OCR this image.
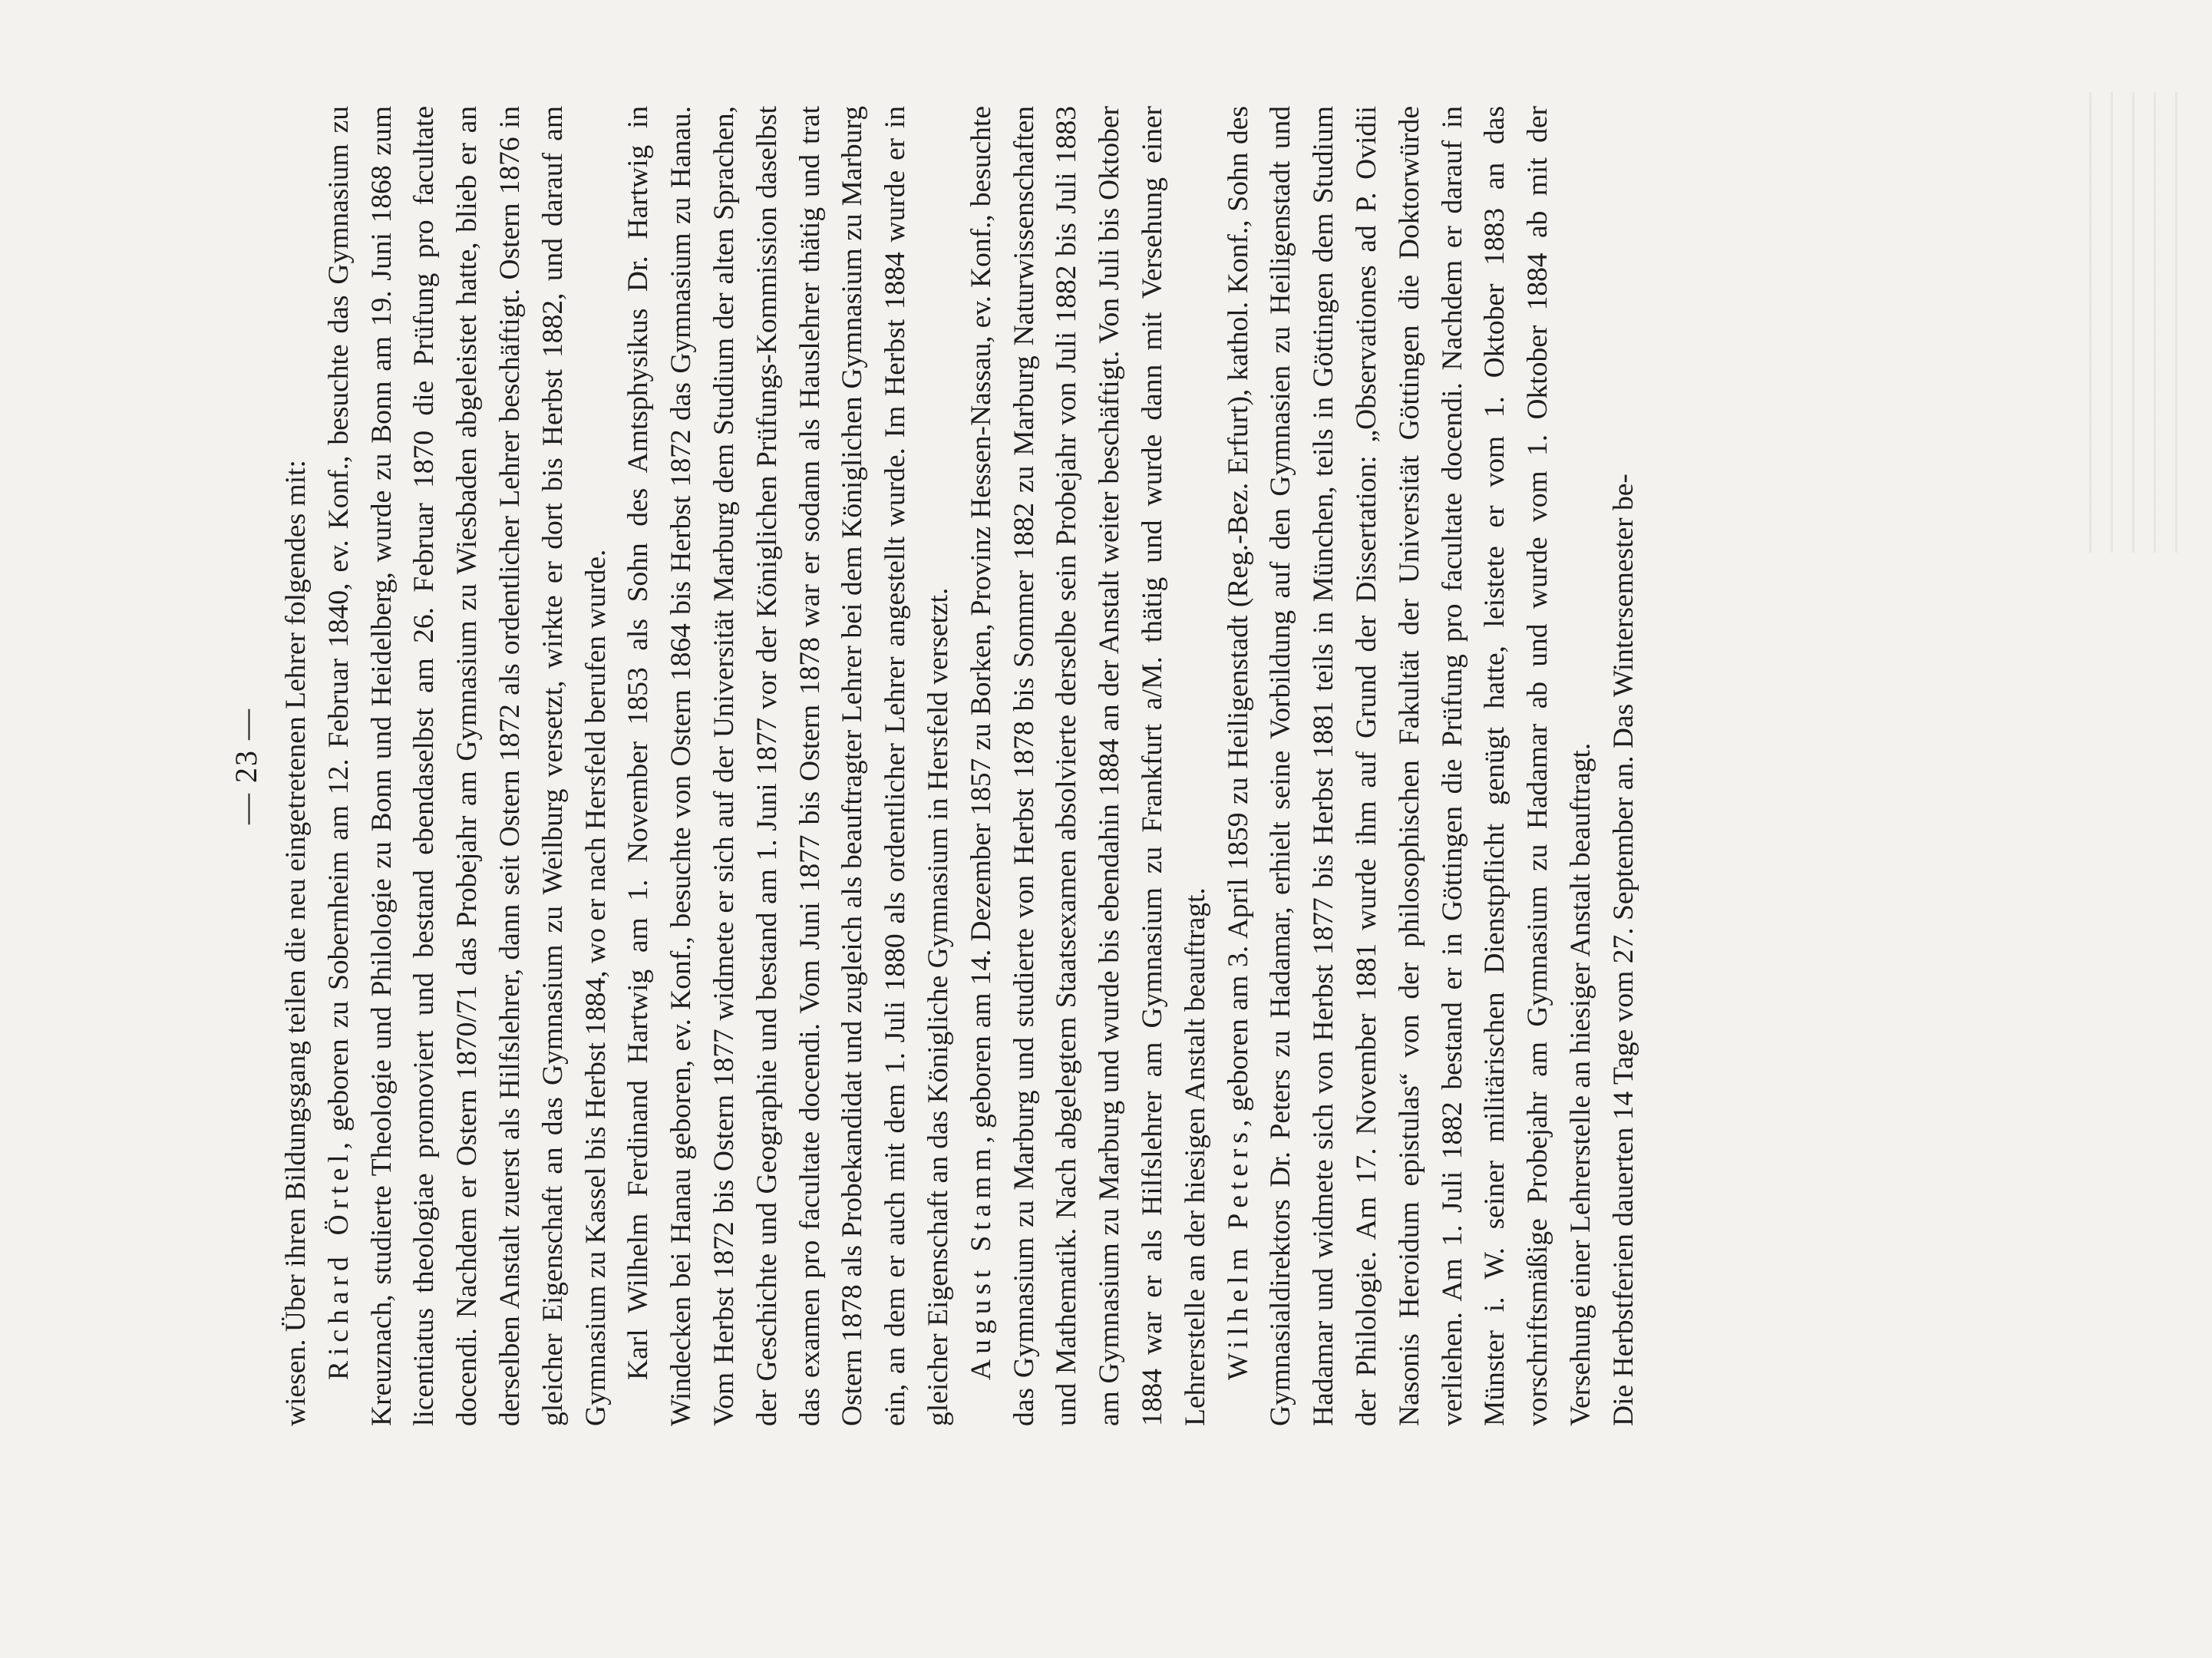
— 23 — wiesen. Über ihren Bildungsgang teilen die neu eingetretenen Lehrer folgendes mit: Richard Örtel, geboren zu Sobernheim am 12. Februar 1840, ev. Konf., besuchte das Gymnasium zu Kreuznach, studierte Theologie und Philologie zu Bonn und Heidelberg, wurde zu Bonn am 19. Juni 1868 zum licentiatus theologiae promoviert und bestand ebendaselbst am 26. Februar 1870 die Prüfung pro facultate docendi. Nachdem er Ostern 1870/71 das Probejahr am Gymnasium zu Wiesbaden abgeleistet hatte, blieb er an derselben Anstalt zuerst als Hilfslehrer, dann seit Ostern 1872 als ordentlicher Lehrer beschäftigt. Ostern 1876 in gleicher Eigenschaft an das Gymnasium zu Weilburg versetzt, wirkte er dort bis Herbst 1882, und darauf am Gymnasium zu Kassel bis Herbst 1884, wo er nach Hersfeld berufen wurde. Karl Wilhelm Ferdinand Hartwig am 1. November 1853 als Sohn des Amtsphysikus Dr. Hartwig in Windecken bei Hanau geboren, ev. Konf., besuchte von Ostern 1864 bis Herbst 1872 das Gymnasium zu Hanau. Vom Herbst 1872 bis Ostern 1877 widmete er sich auf der Universität Marburg dem Studium der alten Sprachen, der Geschichte und Geographie und bestand am 1. Juni 1877 vor der Königlichen Prüfungs-Kommission daselbst das examen pro facultate docendi. Vom Juni 1877 bis Ostern 1878 war er sodann als Hauslehrer thätig und trat Ostern 1878 als Probekandidat und zugleich als beauftragter Lehrer bei dem Königlichen Gymnasium zu Marburg ein, an dem er auch mit dem 1. Juli 1880 als ordentlicher Lehrer angestellt wurde. Im Herbst 1884 wurde er in gleicher Eigenschaft an das Königliche Gymnasium in Hersfeld versetzt. August Stamm, geboren am 14. Dezember 1857 zu Borken, Provinz Hessen-Nassau, ev. Konf., besuchte das Gymnasium zu Marburg und studierte von Herbst 1878 bis Sommer 1882 zu Marburg Naturwissenschaften und Mathematik. Nach abgelegtem Staatsexamen absolvierte derselbe sein Probejahr von Juli 1882 bis Juli 1883 am Gymnasium zu Marburg und wurde bis ebendahin 1884 an der Anstalt weiter beschäftigt. Von Juli bis Oktober 1884 war er als Hilfslehrer am Gymnasium zu Frankfurt a/M. thätig und wurde dann mit Versehung einer Lehrerstelle an der hiesigen Anstalt beauftragt. Wilhelm Peters, geboren am 3. April 1859 zu Heiligenstadt (Reg.-Bez. Erfurt), kathol. Konf., Sohn des Gymnasialdirektors Dr. Peters zu Hadamar, erhielt seine Vorbildung auf den Gymnasien zu Heiligenstadt und Hadamar und widmete sich von Herbst 1877 bis Herbst 1881 teils in München, teils in Göttingen dem Studium der Philologie. Am 17. November 1881 wurde ihm auf Grund der Dissertation: „Observationes ad P. Ovidii Nasonis Heroidum epistulas“ von der philosophischen Fakultät der Universität Göttingen die Doktorwürde verliehen. Am 1. Juli 1882 bestand er in Göttingen die Prüfung pro facultate docendi. Nachdem er darauf in Münster i. W. seiner militärischen Dienstpflicht genügt hatte, leistete er vom 1. Oktober 1883 an das vorschriftsmäßige Probejahr am Gymnasium zu Hadamar ab und wurde vom 1. Oktober 1884 ab mit der Versehung einer Lehrerstelle an hiesiger Anstalt beauftragt. Die Herbstferien dauerten 14 Tage vom 27. September an. Das Wintersemester be-
